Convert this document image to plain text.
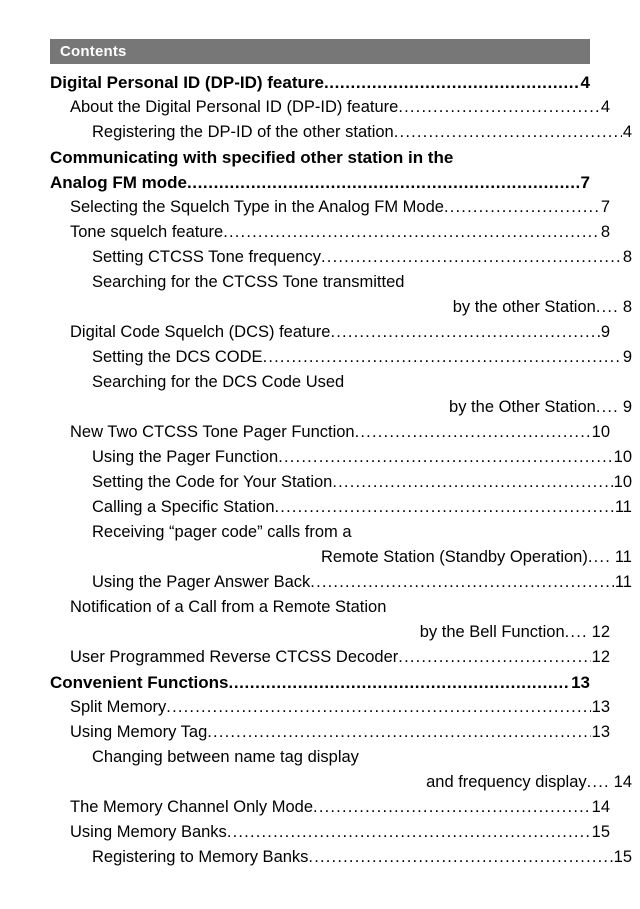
Contents
Digital Personal ID (DP-ID) feature .....	4
About the Digital Personal ID (DP-ID) feature .....	4
Registering the DP-ID of the other station .....	4
Communicating with specified other station in the
Analog FM mode .....	7
Selecting the Squelch Type in the Analog FM Mode .....	7
Tone squelch feature .....	8
Setting CTCSS Tone frequency .....	8
Searching for the CTCSS Tone transmitted
by the other Station .... 8
Digital Code Squelch (DCS) feature .....	9
Setting the DCS CODE .....	9
Searching for the DCS Code Used
by the Other Station .... 9
New Two CTCSS Tone Pager Function .....	10
Using the Pager Function .....	10
Setting the Code for Your Station .....	10
Calling a Specific Station .....	11
Receiving “pager code” calls from a
Remote Station (Standby Operation) .... 11
Using the Pager Answer Back .....	11
Notification of a Call from a Remote Station
by the Bell Function .... 12
User Programmed Reverse CTCSS Decoder .....	12
Convenient Functions .....	13
Split Memory .....	13
Using Memory Tag .....	13
Changing between name tag display
and frequency display .... 14
The Memory Channel Only Mode .....	14
Using Memory Banks .....	15
Registering to Memory Banks .....	15
